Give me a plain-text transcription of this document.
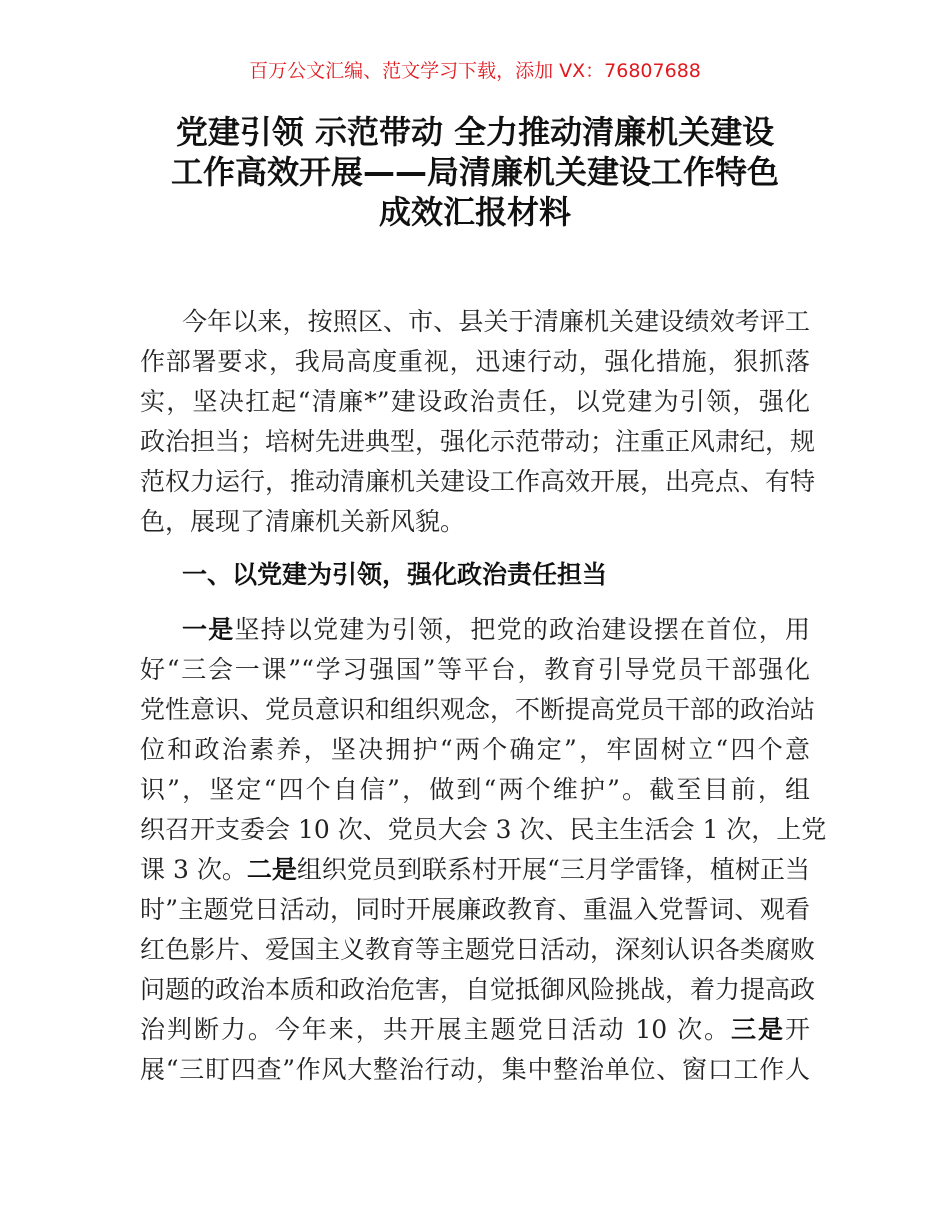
百万公文汇编、范文学习下载，添加 VX：76807688
党建引领 示范带动 全力推动清廉机关建设
工作高效开展——局清廉机关建设工作特色
成效汇报材料
今年以来，按照区、市、县关于清廉机关建设绩效考评工
作部署要求，我局高度重视，迅速行动，强化措施，狠抓落
实，坚决扛起“清廉*”建设政治责任，以党建为引领，强化
政治担当；培树先进典型，强化示范带动；注重正风肃纪，规
范权力运行，推动清廉机关建设工作高效开展，出亮点、有特
色，展现了清廉机关新风貌。
一、以党建为引领，强化政治责任担当
一是坚持以党建为引领，把党的政治建设摆在首位，用
好“三会一课”“学习强国”等平台，教育引导党员干部强化
党性意识、党员意识和组织观念，不断提高党员干部的政治站
位和政治素养，坚决拥护“两个确定”，牢固树立“四个意
识”，坚定“四个自信”，做到“两个维护”。截至目前，组
织召开支委会 10 次、党员大会 3 次、民主生活会 1 次，上党
课 3 次。二是组织党员到联系村开展“三月学雷锋，植树正当
时”主题党日活动，同时开展廉政教育、重温入党誓词、观看
红色影片、爱国主义教育等主题党日活动，深刻认识各类腐败
问题的政治本质和政治危害，自觉抵御风险挑战，着力提高政
治判断力。今年来，共开展主题党日活动 10 次。三是开
展“三盯四查”作风大整治行动，集中整治单位、窗口工作人
